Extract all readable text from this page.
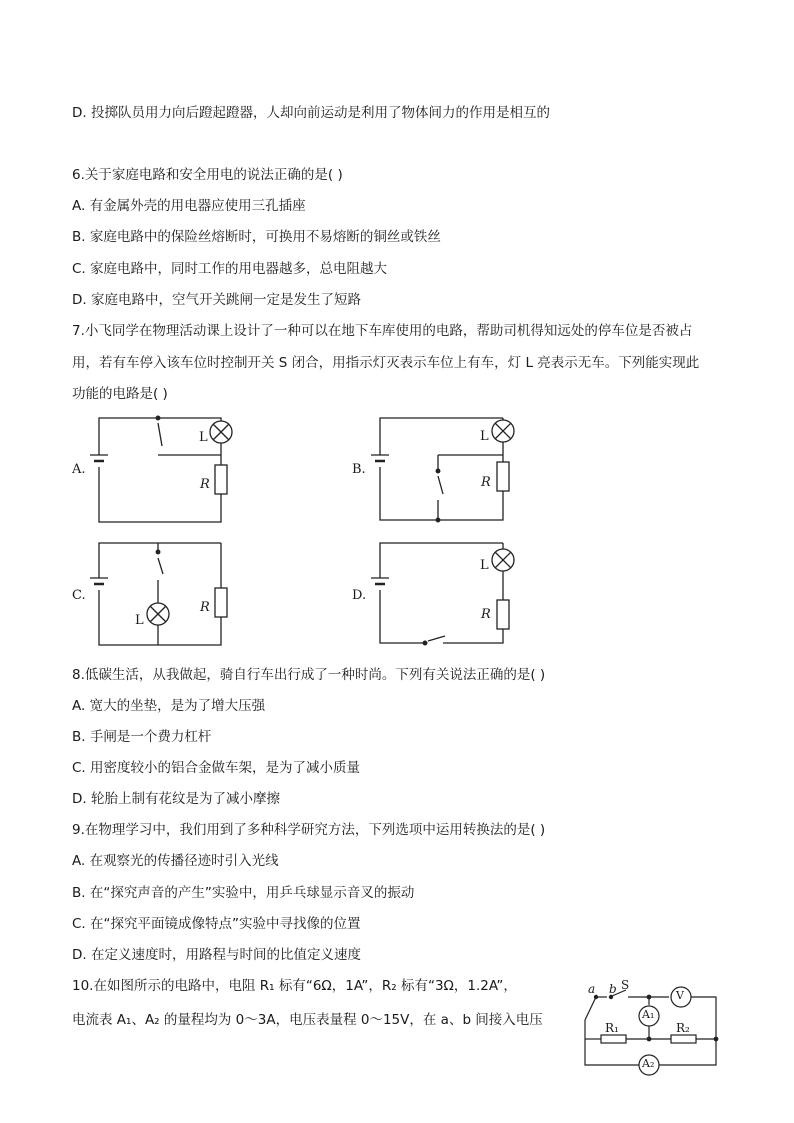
D. 投掷队员用力向后蹬起蹬器，人却向前运动是利用了物体间力的作用是相互的
6.关于家庭电路和安全用电的说法正确的是( )
A. 有金属外壳的用电器应使用三孔插座
B. 家庭电路中的保险丝熔断时，可换用不易熔断的铜丝或铁丝
C. 家庭电路中，同时工作的用电器越多，总电阻越大
D. 家庭电路中，空气开关跳闸一定是发生了短路
7.小飞同学在物理活动课上设计了一种可以在地下车库使用的电路，帮助司机得知远处的停车位是否被占
用，若有车停入该车位时控制开关 S 闭合，用指示灯灭表示车位上有车，灯 L 亮表示无车。下列能实现此
功能的电路是( )
A.
L
R
B.
L
R
C.
L
R
D.
L
R
8.低碳生活，从我做起，骑自行车出行成了一种时尚。下列有关说法正确的是( )
A. 宽大的坐垫，是为了增大压强
B. 手闸是一个费力杠杆
C. 用密度较小的铝合金做车架，是为了减小质量
D. 轮胎上制有花纹是为了减小摩擦
9.在物理学习中，我们用到了多种科学研究方法，下列选项中运用转换法的是( )
A. 在观察光的传播径迹时引入光线
B. 在“探究声音的产生”实验中，用乒乓球显示音叉的振动
C. 在“探究平面镜成像特点”实验中寻找像的位置
D. 在定义速度时，用路程与时间的比值定义速度
10.在如图所示的电路中，电阻 R₁ 标有“6Ω，1A”，R₂ 标有“3Ω，1.2A”，
电流表 A₁、A₂ 的量程均为 0～3A，电压表量程 0～15V，在 a、b 间接入电压
a b S
V
A₁
R₁	R₂
A₂
